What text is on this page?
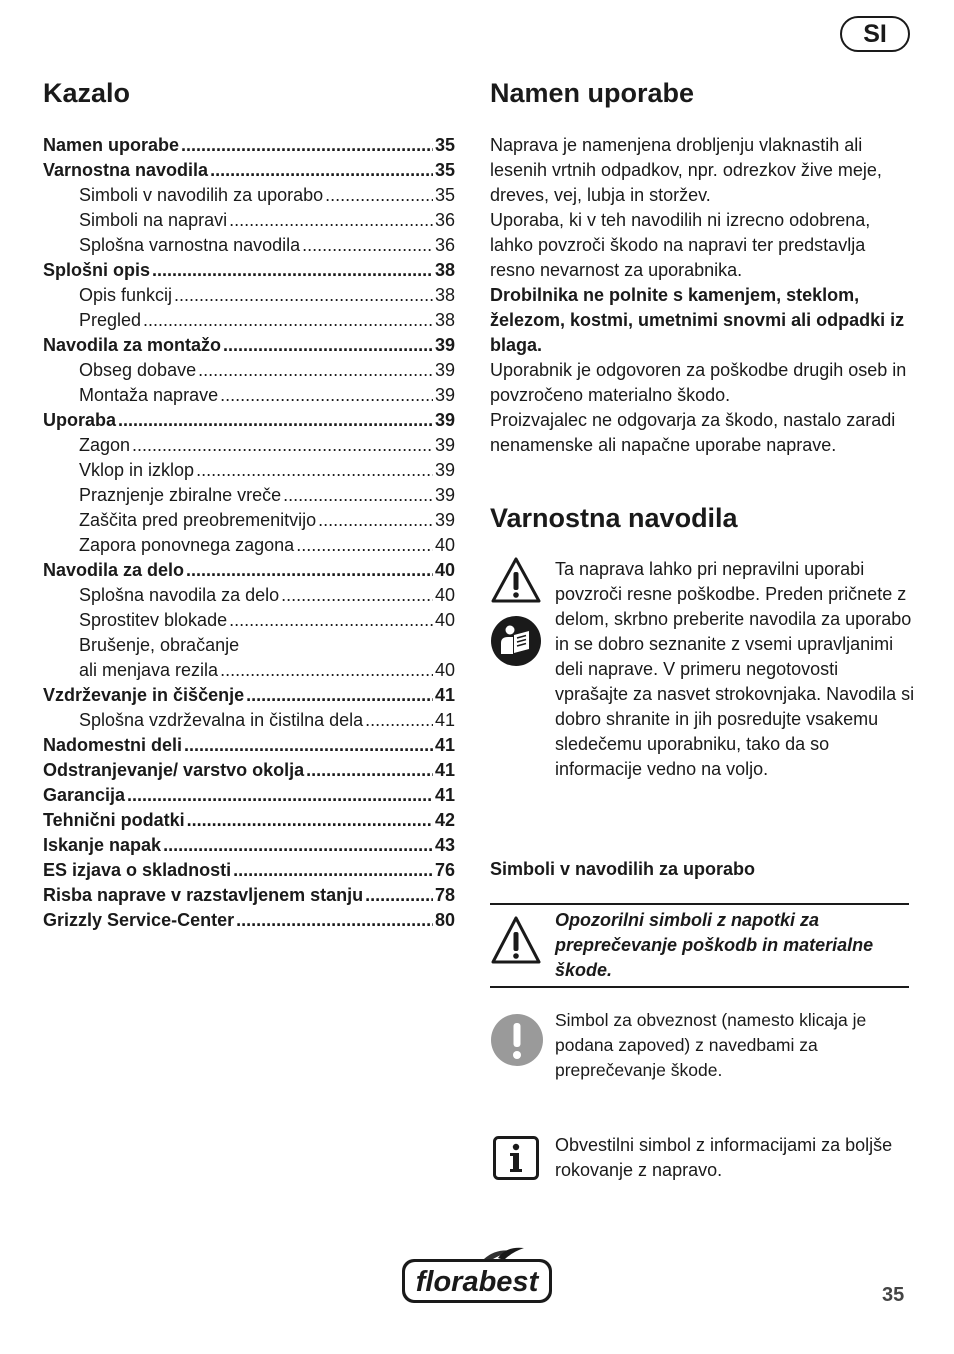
SI
Kazalo
Namen uporabe .....	35
Varnostna navodila .....	35
Simboli v navodilih za uporabo .....	35
Simboli na napravi .....	36
Splošna varnostna navodila .....	36
Splošni opis .....	38
Opis funkcij .....	38
Pregled .....	38
Navodila za montažo .....	39
Obseg dobave .....	39
Montaža naprave .....	39
Uporaba .....	39
Zagon .....	39
Vklop in izklop .....	39
Praznjenje zbiralne vreče .....	39
Zaščita pred preobremenitvijo .....	39
Zapora ponovnega zagona .....	40
Navodila za delo .....	40
Splošna navodila za delo .....	40
Sprostitev blokade .....	40
Brušenje, obračanje
ali menjava rezila .....	40
Vzdrževanje in čiščenje .....	41
Splošna vzdrževalna in čistilna dela .....	41
Nadomestni deli .....	41
Odstranjevanje/ varstvo okolja .....	41
Garancija .....	41
Tehnični podatki .....	42
Iskanje napak .....	43
ES izjava o skladnosti .....	76
Risba naprave v razstavljenem stanju .....	78
Grizzly Service-Center .....	80
Namen uporabe
Naprava je namenjena drobljenju vlaknastih ali lesenih vrtnih odpadkov, npr. odrezkov žive meje, dreves, vej, lubja in storžev.
Uporaba, ki v teh navodilih ni izrecno odobrena, lahko povzroči škodo na napravi ter predstavlja resno nevarnost za uporabnika.
Drobilnika ne polnite s kamenjem, steklom, železom, kostmi, umetnimi snovmi ali odpadki iz blaga.
Uporabnik je odgovoren za poškodbe drugih oseb in povzročeno materialno škodo.
Proizvajalec ne odgovarja za škodo, nastalo zaradi nenamenske ali napačne uporabe naprave.
Varnostna navodila

Ta naprava lahko pri nepravilni uporabi povzroči resne poškodbe. Preden pričnete z delom, skrbno preberite navodila za uporabo in se dobro seznanite z vsemi upravljanimi deli naprave. V primeru negotovosti vprašajte za nasvet strokovnjaka. Navodila si dobro shranite in jih posredujte vsakemu sledečemu uporabniku, tako da so informacije vedno na voljo.

Simboli v navodilih za uporabo

Opozorilni simboli z napotki za preprečevanje poškodb in materialne škode.

Simbol za obveznost (namesto klicaja je podana zapoved) z navedbami za preprečevanje škode.

Obvestilni simbol z informacijami za boljše rokovanje z napravo.

florabest	35
